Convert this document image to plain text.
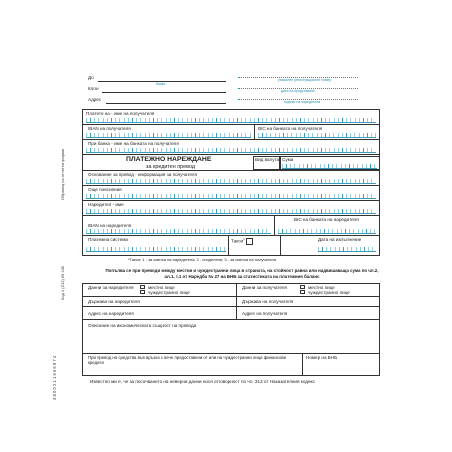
3 8 0 0 2 1 1 5 6 6 9 7 4
Код 1 (Z12) 69 245
Образец на отчетна форма
До
банка
Клон
Адрес
уникален регистрационен номер
дата на представяне
подпис на наредителя
Платете на - име на получателя
IBAN на получателя	BIC на банката на получателя
При банка - име на банката на получателя
ПЛАТЕЖНО НАРЕЖДАНЕ
за кредитен превод
Вид валута Сума
Основание за превод - информация за получателя
Още пояснения
Наредител - име
IBAN на наредителя
BIC на банката на наредителя
Платежна система	Такси$^1$	Дата на изпълнение
*Такси: 1 - за сметка на наредителя; 2 - споделени; 3 - за сметка на получателя
Попълва се при преводи между местни и чуждестранни лица в страната, на стойност равна или надвишаваща сума по чл.2, ал.1, т.1 от Наредба № 27 на БНБ за статистиката на платежния баланс
Данни за наредителя	местно лице
чуждестранно лице
Данни за получателя	местно лице
чуждестранно лице
Държава на наредителя	Държава на получателя
Адрес на наредителя	Адрес на получателя
Описание на икономическата същност на превода
При превод на средства във връзка с вече предоставени от или на чуждестранни лица финансови кредити
Номер на БНБ
Известно ми е, че за посочването на неверни данни нося отговорност по чл. 313 от Наказателния кодекс
